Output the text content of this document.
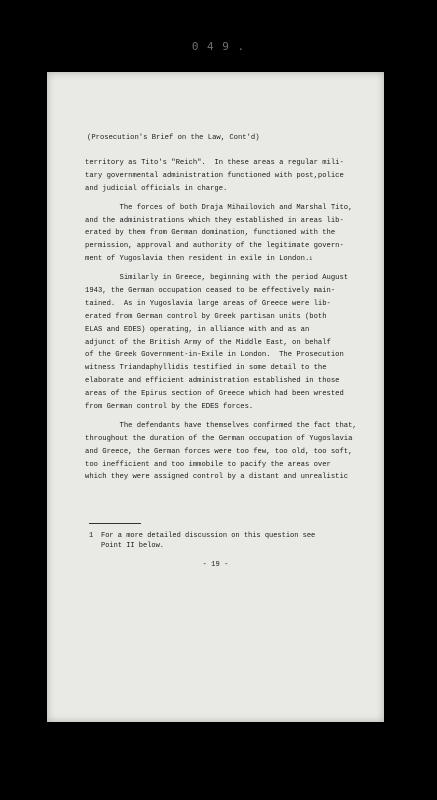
0 4 9 .
(Prosecution's Brief on the Law, Cont'd)
territory as Tito's "Reich".  In these areas a regular mili-
tary governmental administration functioned with post,police
and judicial officials in charge.
The forces of both Draja Mihailovich and Marshal Tito,
and the administrations which they established in areas lib-
erated by them from German domination, functioned with the
permission, approval and authority of the legitimate govern-
ment of Yugoslavia then resident in exile in London.$^1$
Similarly in Greece, beginning with the period August
1943, the German occupation ceased to be effectively main-
tained.  As in Yugoslavia large areas of Greece were lib-
erated from German control by Greek partisan units (both
ELAS and EDES) operating, in alliance with and as an
adjunct of the British Army of the Middle East, on behalf
of the Greek Government-in-Exile in London.  The Prosecution
witness Triandaphyllidis testified in some detail to the
elaborate and efficient administration established in those
areas of the Epirus section of Greece which had been wrested
from German control by the EDES forces.
The defendants have themselves confirmed the fact that,
throughout the duration of the German occupation of Yugoslavia
and Greece, the German forces were too few, too old, too soft,
too inefficient and too immobile to pacify the areas over
which they were assigned control by a distant and unrealistic
1 For a more detailed discussion on this question see
Point II below.
- 19 -
